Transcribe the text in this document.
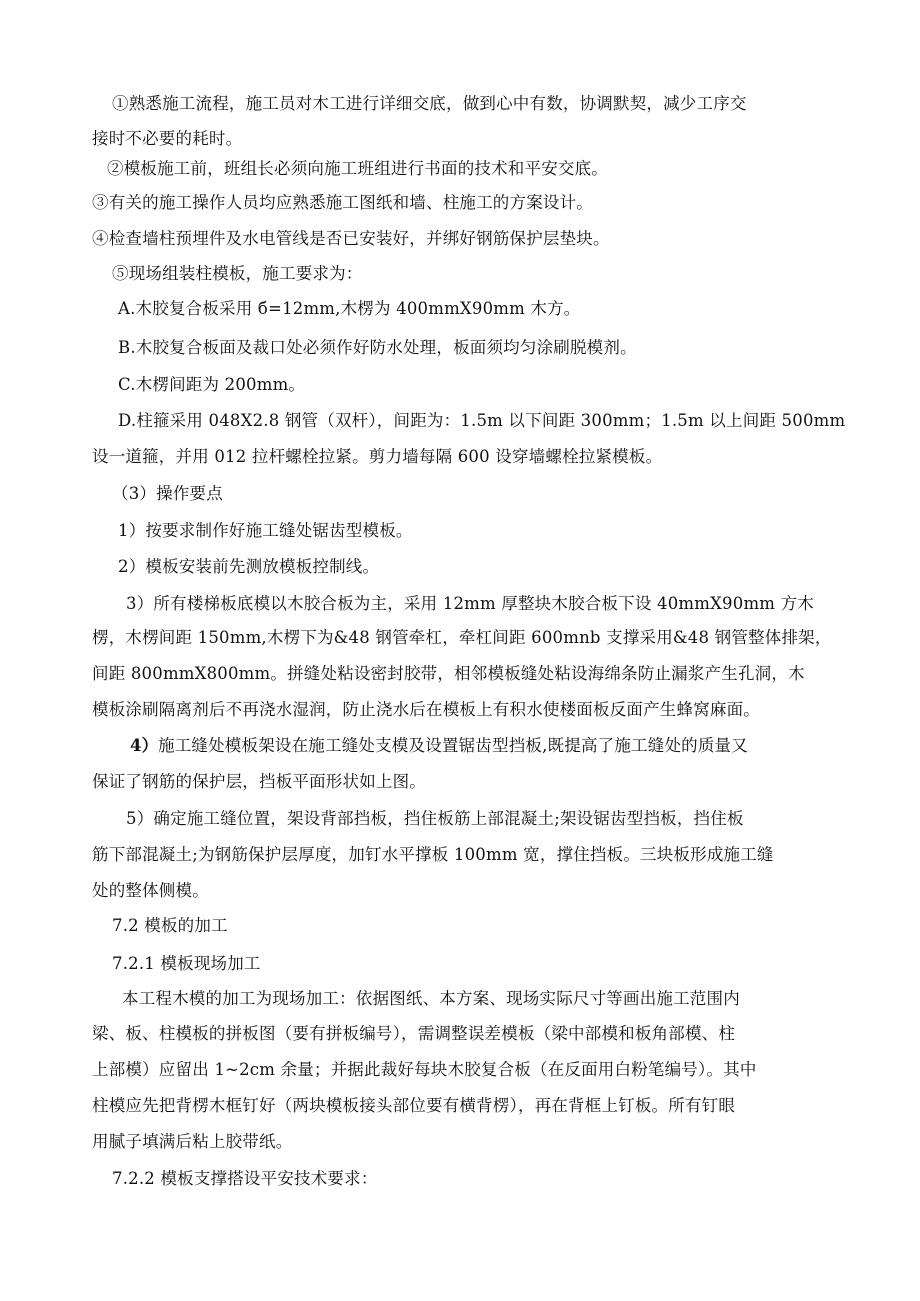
①熟悉施工流程，施工员对木工进行详细交底，做到心中有数，协调默契，减少工序交
接时不必要的耗时。
②模板施工前，班组长必须向施工班组进行书面的技术和平安交底。
③有关的施工操作人员均应熟悉施工图纸和墙、柱施工的方案设计。
④检查墙柱预埋件及水电管线是否已安装好，并绑好钢筋保护层垫块。
⑤现场组装柱模板，施工要求为：
A.木胶复合板采用 б=12mm,木楞为 400mmX90mm 木方。
B.木胶复合板面及裁口处必须作好防水处理，板面须均匀涂刷脱模剂。
C.木楞间距为 200mm。
D.柱箍采用 048X2.8 钢管（双杆），间距为：1.5m 以下间距 300mm；1.5m 以上间距 500mm
设一道箍，并用 012 拉杆螺栓拉紧。剪力墙每隔 600 设穿墙螺栓拉紧模板。
（3）操作要点
1）按要求制作好施工缝处锯齿型模板。
2）模板安装前先测放模板控制线。
3）所有楼梯板底模以木胶合板为主，采用 12mm 厚整块木胶合板下设 40mmX90mm 方木
楞，木楞间距 150mm,木楞下为&48 钢管牵杠，牵杠间距 600mnb 支撑采用&48 钢管整体排架，
间距 800mmX800mm。拼缝处粘设密封胶带，相邻模板缝处粘设海绵条防止漏浆产生孔洞，木
模板涂刷隔离剂后不再浇水湿润，防止浇水后在模板上有积水使楼面板反面产生蜂窝麻面。
4） 施工缝处模板架设在施工缝处支模及设置锯齿型挡板,既提高了施工缝处的质量又
保证了钢筋的保护层，挡板平面形状如上图。
5）确定施工缝位置，架设背部挡板，挡住板筋上部混凝土;架设锯齿型挡板，挡住板
筋下部混凝土;为钢筋保护层厚度，加钉水平撑板 100mm 宽，撑住挡板。三块板形成施工缝
处的整体侧模。
7.2 模板的加工
7.2.1 模板现场加工
本工程木模的加工为现场加工：依据图纸、本方案、现场实际尺寸等画出施工范围内
梁、板、柱模板的拼板图（要有拼板编号），需调整误差模板（梁中部模和板角部模、柱
上部模）应留出 1~2cm 余量；并据此裁好每块木胶复合板（在反面用白粉笔编号）。其中
柱模应先把背楞木框钉好（两块模板接头部位要有横背楞），再在背框上钉板。所有钉眼
用腻子填满后粘上胶带纸。
7.2.2 模板支撑搭设平安技术要求：
